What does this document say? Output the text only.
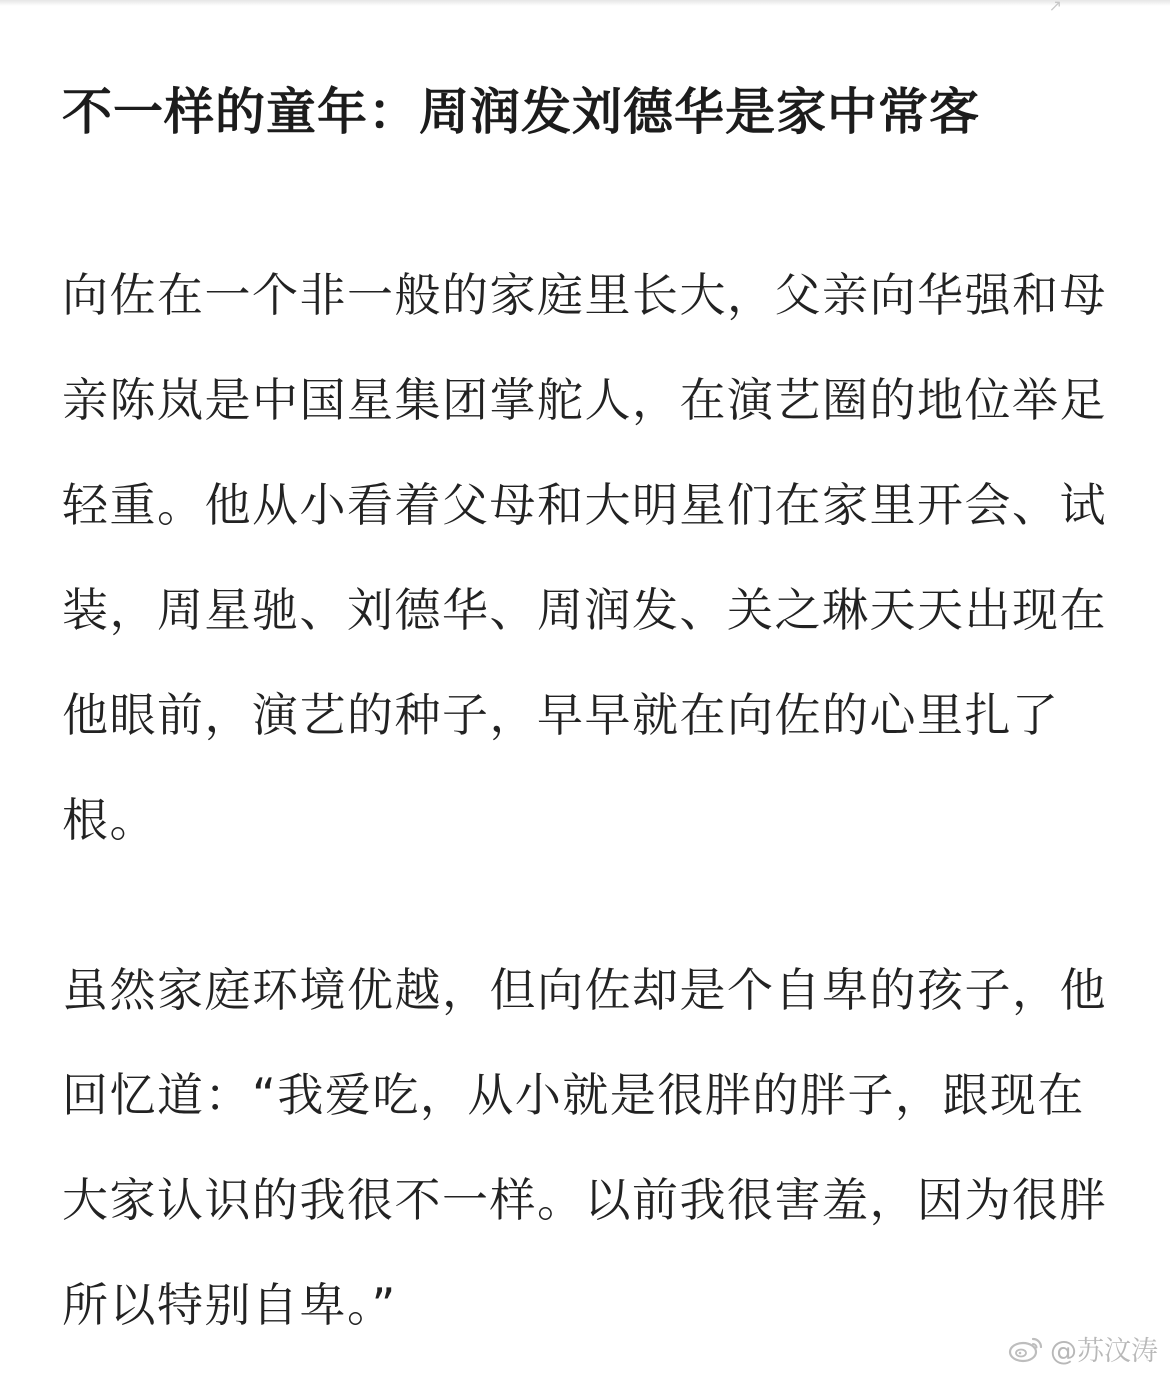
↗
不一样的童年：周润发刘德华是家中常客

向佐在一个非一般的家庭里长大，父亲向华强和母亲陈岚是中国星集团掌舵人，在演艺圈的地位举足轻重。他从小看着父母和大明星们在家里开会、试装，周星驰、刘德华、周润发、关之琳天天出现在他眼前，演艺的种子，早早就在向佐的心里扎了根。

虽然家庭环境优越，但向佐却是个自卑的孩子，他回忆道：“我爱吃，从小就是很胖的胖子，跟现在大家认识的我很不一样。以前我很害羞，因为很胖所以特别自卑。”

@苏汶涛
